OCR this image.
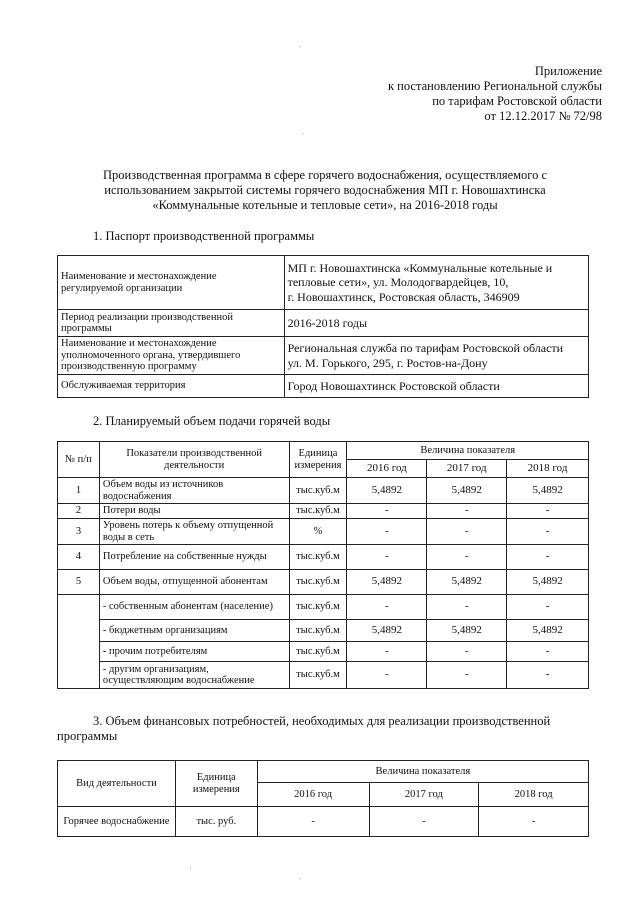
Приложение
к постановлению Региональной службы
по тарифам Ростовской области
от 12.12.2017 № 72/98
Производственная программа в сфере горячего водоснабжения, осуществляемого с
использованием закрытой системы горячего водоснабжения МП г. Новошахтинска
«Коммунальные котельные и тепловые сети», на 2016-2018 годы
1. Паспорт производственной программы
Наименование и местонахождение регулируемой организации	МП г. Новошахтинска «Коммунальные котельные и
тепловые сети», ул. Молодогвардейцев, 10,
г. Новошахтинск, Ростовская область, 346909

Период реализации производственной программы	2016-2018 годы

Наименование и местонахождение уполномоченного органа, утвердившего производственную программу	Региональная служба по тарифам Ростовской области
ул. М. Горького, 295, г. Ростов-на-Дону

Обслуживаемая территория	Город Новошахтинск Ростовской области
2. Планируемый объем подачи горячей воды
№ п/п	Показатели производственной деятельности	Единица измерения	Величина показателя		
			2016 год	2017 год	2018 год
1	Объем воды из источников водоснабжения	тыс.куб.м	5,4892	5,4892	5,4892
2	Потери воды	тыс.куб.м	-	-	-
3	Уровень потерь к объему отпущенной воды в сеть	%	-	-	-
4	Потребление на собственные нужды	тыс.куб.м	-	-	-
5	Объем воды, отпущенной абонентам	тыс.куб.м	5,4892	5,4892	5,4892
	- собственным абонентам (население)	тыс.куб.м	-	-	-
	- бюджетным организациям	тыс.куб.м	5,4892	5,4892	5,4892
	- прочим потребителям	тыс.куб.м	-	-	-
	- другим организациям, осуществляющим водоснабжение	тыс.куб.м	-	-	-
3. Объем финансовых потребностей, необходимых для реализации производственной
программы
Вид деятельности	Единица измерения	Величина показателя		
		2016 год	2017 год	2018 год
Горячее водоснабжение	тыс. руб.	-	-	-
